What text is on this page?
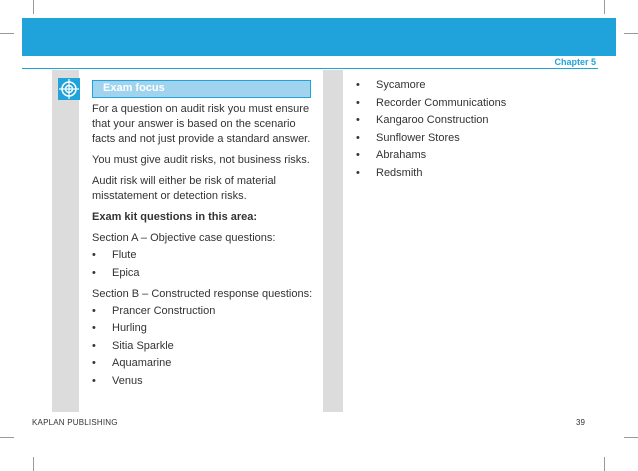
Chapter 5
Exam focus

For a question on audit risk you must ensure that your answer is based on the scenario facts and not just provide a standard answer.

You must give audit risks, not business risks.

Audit risk will either be risk of material misstatement or detection risks.

Exam kit questions in this area:

Section A – Objective case questions:

• Flute
• Epica

Section B – Constructed response questions:

• Prancer Construction
• Hurling
• Sitia Sparkle
• Aquamarine
• Venus
• Sycamore
• Recorder Communications
• Kangaroo Construction
• Sunflower Stores
• Abrahams
• Redsmith
KAPLAN PUBLISHING	39
